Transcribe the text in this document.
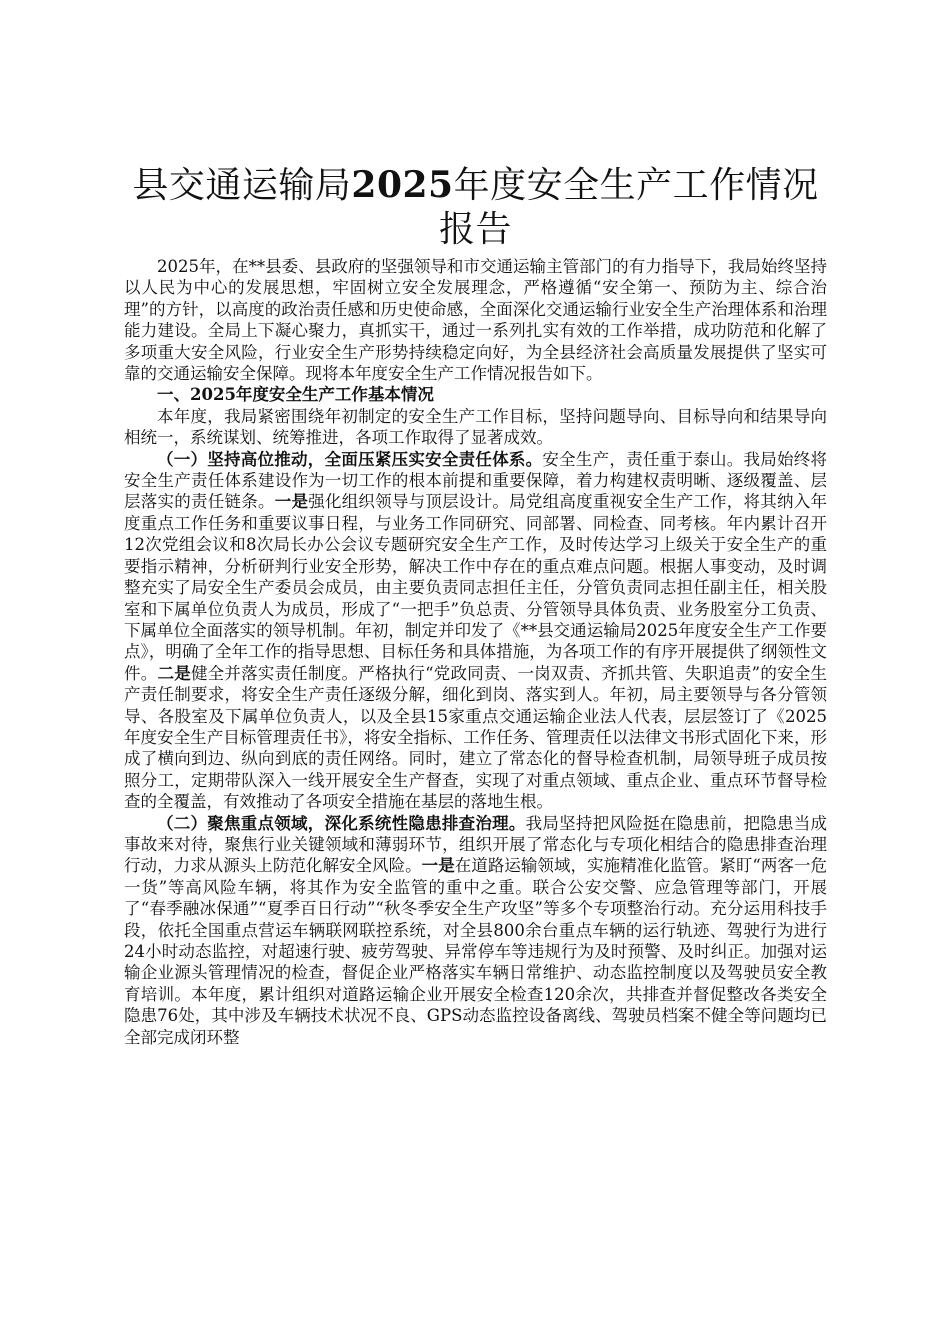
县交通运输局2025年度安全生产工作情况报告

2025年，在**县委、县政府的坚强领导和市交通运输主管部门的有力指导下，我局始终坚持以人民为中心的发展思想，牢固树立安全发展理念，严格遵循“安全第一、预防为主、综合治理”的方针，以高度的政治责任感和历史使命感，全面深化交通运输行业安全生产治理体系和治理能力建设。全局上下凝心聚力，真抓实干，通过一系列扎实有效的工作举措，成功防范和化解了多项重大安全风险，行业安全生产形势持续稳定向好，为全县经济社会高质量发展提供了坚实可靠的交通运输安全保障。现将本年度安全生产工作情况报告如下。

一、2025年度安全生产工作基本情况

本年度，我局紧密围绕年初制定的安全生产工作目标，坚持问题导向、目标导向和结果导向相统一，系统谋划、统筹推进，各项工作取得了显著成效。

（一）坚持高位推动，全面压紧压实安全责任体系。安全生产，责任重于泰山。我局始终将安全生产责任体系建设作为一切工作的根本前提和重要保障，着力构建权责明晰、逐级覆盖、层层落实的责任链条。一是强化组织领导与顶层设计。局党组高度重视安全生产工作，将其纳入年度重点工作任务和重要议事日程，与业务工作同研究、同部署、同检查、同考核。年内累计召开12次党组会议和8次局长办公会议专题研究安全生产工作，及时传达学习上级关于安全生产的重要指示精神，分析研判行业安全形势，解决工作中存在的重点难点问题。根据人事变动，及时调整充实了局安全生产委员会成员，由主要负责同志担任主任，分管负责同志担任副主任，相关股室和下属单位负责人为成员，形成了“一把手”负总责、分管领导具体负责、业务股室分工负责、下属单位全面落实的领导机制。年初，制定并印发了《**县交通运输局2025年度安全生产工作要点》，明确了全年工作的指导思想、目标任务和具体措施，为各项工作的有序开展提供了纲领性文件。二是健全并落实责任制度。严格执行“党政同责、一岗双责、齐抓共管、失职追责”的安全生产责任制要求，将安全生产责任逐级分解，细化到岗、落实到人。年初，局主要领导与各分管领导、各股室及下属单位负责人，以及全县15家重点交通运输企业法人代表，层层签订了《2025年度安全生产目标管理责任书》，将安全指标、工作任务、管理责任以法律文书形式固化下来，形成了横向到边、纵向到底的责任网络。同时，建立了常态化的督导检查机制，局领导班子成员按照分工，定期带队深入一线开展安全生产督查，实现了对重点领域、重点企业、重点环节督导检查的全覆盖，有效推动了各项安全措施在基层的落地生根。

（二）聚焦重点领域，深化系统性隐患排查治理。我局坚持把风险挺在隐患前，把隐患当成事故来对待，聚焦行业关键领域和薄弱环节，组织开展了常态化与专项化相结合的隐患排查治理行动，力求从源头上防范化解安全风险。一是在道路运输领域，实施精准化监管。紧盯“两客一危一货”等高风险车辆，将其作为安全监管的重中之重。联合公安交警、应急管理等部门，开展了“春季融冰保通”“夏季百日行动”“秋冬季安全生产攻坚”等多个专项整治行动。充分运用科技手段，依托全国重点营运车辆联网联控系统，对全县800余台重点车辆的运行轨迹、驾驶行为进行24小时动态监控，对超速行驶、疲劳驾驶、异常停车等违规行为及时预警、及时纠正。加强对运输企业源头管理情况的检查，督促企业严格落实车辆日常维护、动态监控制度以及驾驶员安全教育培训。本年度，累计组织对道路运输企业开展安全检查120余次，共排查并督促整改各类安全隐患76处，其中涉及车辆技术状况不良、GPS动态监控设备离线、驾驶员档案不健全等问题均已全部完成闭环整
